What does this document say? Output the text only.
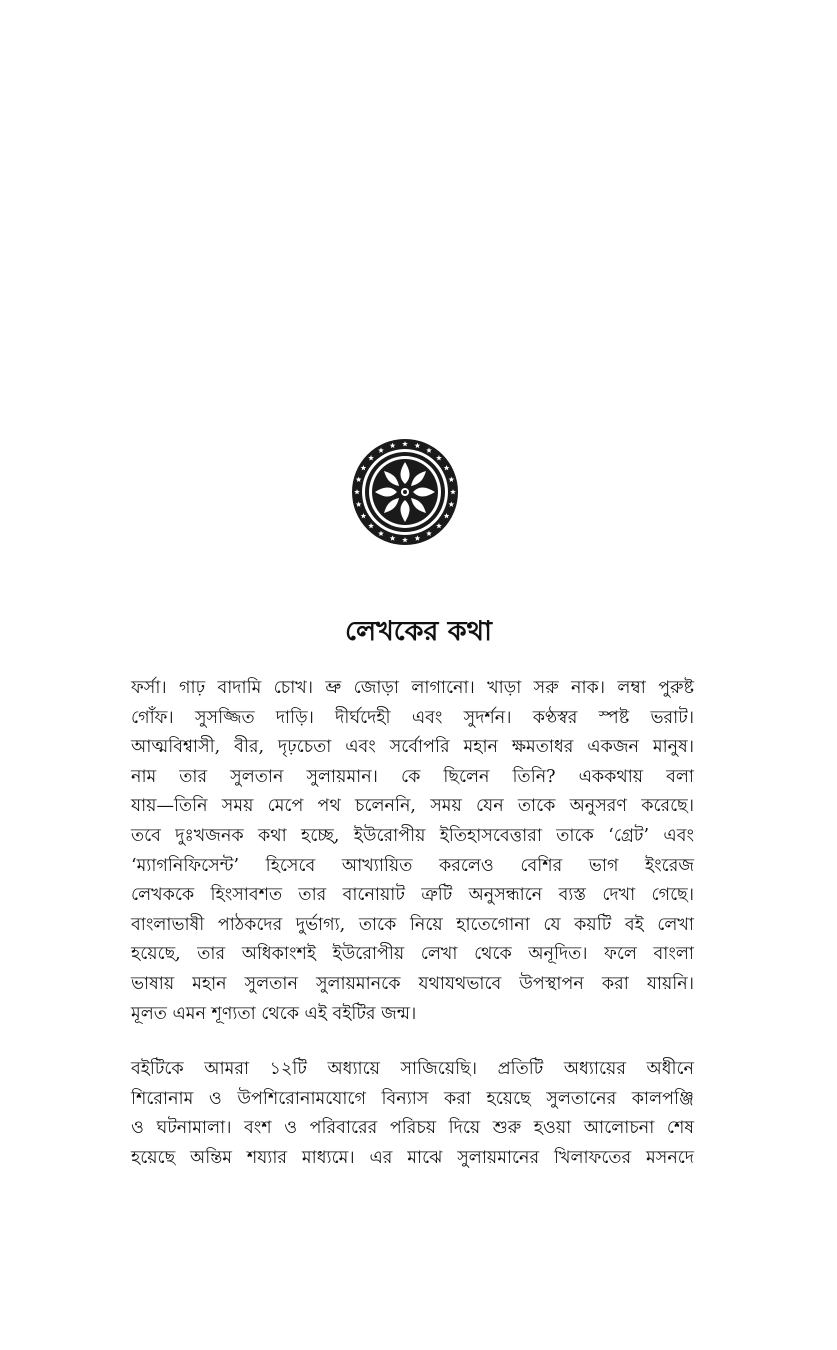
লেখকের কথা
ফর্সা। গাঢ় বাদামি চোখ। ভ্রু জোড়া লাগানো। খাড়া সরু নাক। লম্বা পুরুষ্ট
গোঁফ। সুসজ্জিত দাড়ি। দীর্ঘদেহী এবং সুদর্শন। কণ্ঠস্বর স্পষ্ট ভরাট।
আত্মবিশ্বাসী, বীর, দৃঢ়চেতা এবং সর্বোপরি মহান ক্ষমতাধর একজন মানুষ।
নাম তার সুলতান সুলায়মান। কে ছিলেন তিনি? এককথায় বলা
যায়—তিনি সময় মেপে পথ চলেননি, সময় যেন তাকে অনুসরণ করেছে।
তবে দুঃখজনক কথা হচ্ছে, ইউরোপীয় ইতিহাসবেত্তারা তাকে ‘গ্রেট’ এবং
‘ম্যাগনিফিসেন্ট’ হিসেবে আখ্যায়িত করলেও বেশির ভাগ ইংরেজ
লেখককে হিংসাবশত তার বানোয়াট ত্রুটি অনুসন্ধানে ব্যস্ত দেখা গেছে।
বাংলাভাষী পাঠকদের দুর্ভাগ্য, তাকে নিয়ে হাতেগোনা যে কয়টি বই লেখা
হয়েছে, তার অধিকাংশই ইউরোপীয় লেখা থেকে অনূদিত। ফলে বাংলা
ভাষায় মহান সুলতান সুলায়মানকে যথাযথভাবে উপস্থাপন করা যায়নি।
মূলত এমন শূণ্যতা থেকে এই বইটির জন্ম।
বইটিকে আমরা ১২টি অধ্যায়ে সাজিয়েছি। প্রতিটি অধ্যায়ের অধীনে
শিরোনাম ও উপশিরোনামযোগে বিন্যাস করা হয়েছে সুলতানের কালপঞ্জি
ও ঘটনামালা। বংশ ও পরিবারের পরিচয় দিয়ে শুরু হওয়া আলোচনা শেষ
হয়েছে অন্তিম শয্যার মাধ্যমে। এর মাঝে সুলায়মানের খিলাফতের মসনদে
